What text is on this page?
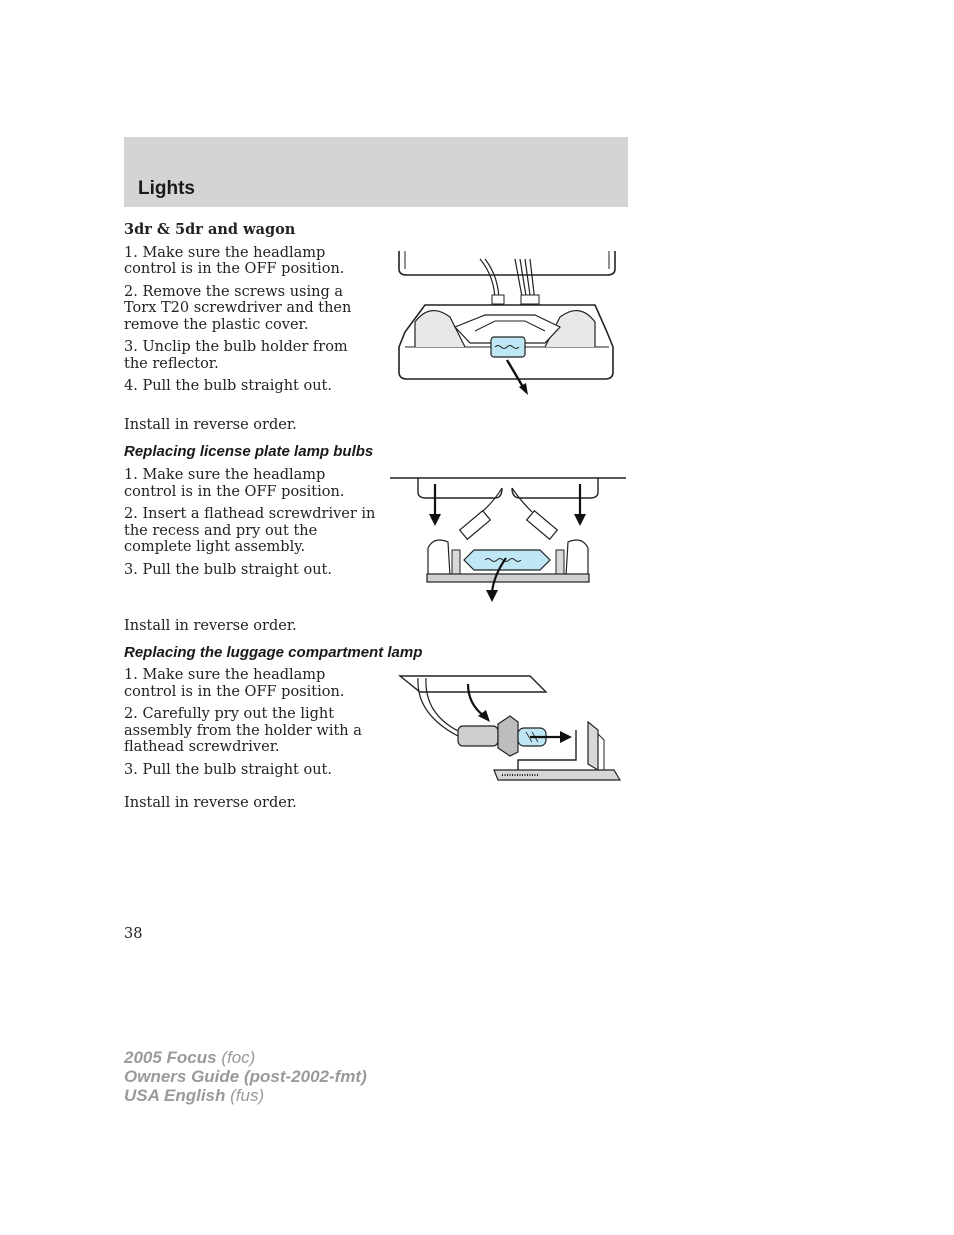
Lights
3dr & 5dr and wagon
1. Make sure the headlamp control is in the OFF position.
2. Remove the screws using a Torx T20 screwdriver and then remove the plastic cover.
3. Unclip the bulb holder from the reflector.
4. Pull the bulb straight out.
Install in reverse order.
Replacing license plate lamp bulbs
1. Make sure the headlamp control is in the OFF position.
2. Insert a flathead screwdriver in the recess and pry out the complete light assembly.
3. Pull the bulb straight out.
Install in reverse order.
Replacing the luggage compartment lamp
1. Make sure the headlamp control is in the OFF position.
2. Carefully pry out the light assembly from the holder with a flathead screwdriver.
3. Pull the bulb straight out.
Install in reverse order.
38
2005 Focus (foc)
Owners Guide (post-2002-fmt)
USA English (fus)
